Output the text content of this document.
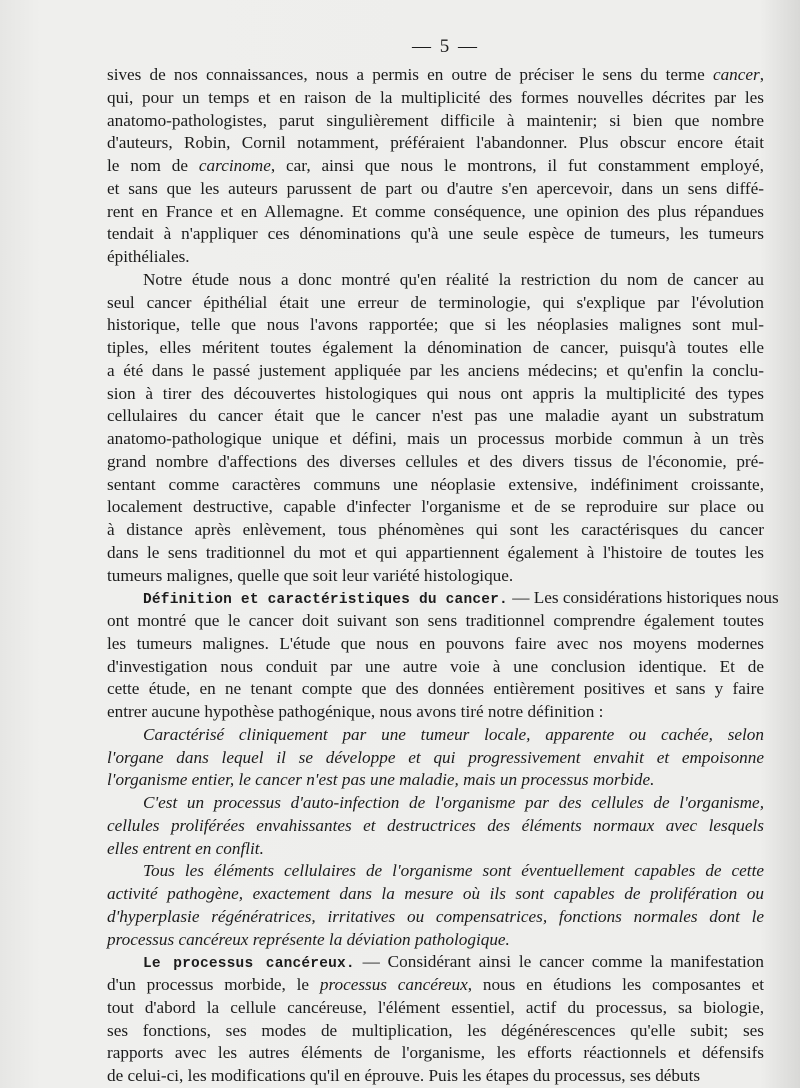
— 5 —
sives de nos connaissances, nous a permis en outre de préciser le sens du terme cancer,
qui, pour un temps et en raison de la multiplicité des formes nouvelles décrites par les
anatomo-pathologistes, parut singulièrement difficile à maintenir; si bien que nombre
d'auteurs, Robin, Cornil notamment, préféraient l'abandonner. Plus obscur encore était
le nom de carcinome, car, ainsi que nous le montrons, il fut constamment employé,
et sans que les auteurs parussent de part ou d'autre s'en apercevoir, dans un sens diffé-
rent en France et en Allemagne. Et comme conséquence, une opinion des plus répandues
tendait à n'appliquer ces dénominations qu'à une seule espèce de tumeurs, les tumeurs
épithéliales.
Notre étude nous a donc montré qu'en réalité la restriction du nom de cancer au
seul cancer épithélial était une erreur de terminologie, qui s'explique par l'évolution
historique, telle que nous l'avons rapportée; que si les néoplasies malignes sont mul-
tiples, elles méritent toutes également la dénomination de cancer, puisqu'à toutes elle
a été dans le passé justement appliquée par les anciens médecins; et qu'enfin la conclu-
sion à tirer des découvertes histologiques qui nous ont appris la multiplicité des types
cellulaires du cancer était que le cancer n'est pas une maladie ayant un substratum
anatomo-pathologique unique et défini, mais un processus morbide commun à un très
grand nombre d'affections des diverses cellules et des divers tissus de l'économie, pré-
sentant comme caractères communs une néoplasie extensive, indéfiniment croissante,
localement destructive, capable d'infecter l'organisme et de se reproduire sur place ou
à distance après enlèvement, tous phénomènes qui sont les caractérisques du cancer
dans le sens traditionnel du mot et qui appartiennent également à l'histoire de toutes les
tumeurs malignes, quelle que soit leur variété histologique.
Définition et caractéristiques du cancer. — Les considérations historiques nous
ont montré que le cancer doit suivant son sens traditionnel comprendre également toutes
les tumeurs malignes. L'étude que nous en pouvons faire avec nos moyens modernes
d'investigation nous conduit par une autre voie à une conclusion identique. Et de
cette étude, en ne tenant compte que des données entièrement positives et sans y faire
entrer aucune hypothèse pathogénique, nous avons tiré notre définition :
Caractérisé cliniquement par une tumeur locale, apparente ou cachée, selon
l'organe dans lequel il se développe et qui progressivement envahit et empoisonne
l'organisme entier, le cancer n'est pas une maladie, mais un processus morbide.
C'est un processus d'auto-infection de l'organisme par des cellules de l'organisme,
cellules proliférées envahissantes et destructrices des éléments normaux avec lesquels
elles entrent en conflit.
Tous les éléments cellulaires de l'organisme sont éventuellement capables de cette
activité pathogène, exactement dans la mesure où ils sont capables de prolifération ou
d'hyperplasie régénératrices, irritatives ou compensatrices, fonctions normales dont le
processus cancéreux représente la déviation pathologique.
Le processus cancéreux. — Considérant ainsi le cancer comme la manifestation
d'un processus morbide, le processus cancéreux, nous en étudions les composantes et
tout d'abord la cellule cancéreuse, l'élément essentiel, actif du processus, sa biologie,
ses fonctions, ses modes de multiplication, les dégénérescences qu'elle subit; ses
rapports avec les autres éléments de l'organisme, les efforts réactionnels et défensifs
de celui-ci, les modifications qu'il en éprouve. Puis les étapes du processus, ses débuts
